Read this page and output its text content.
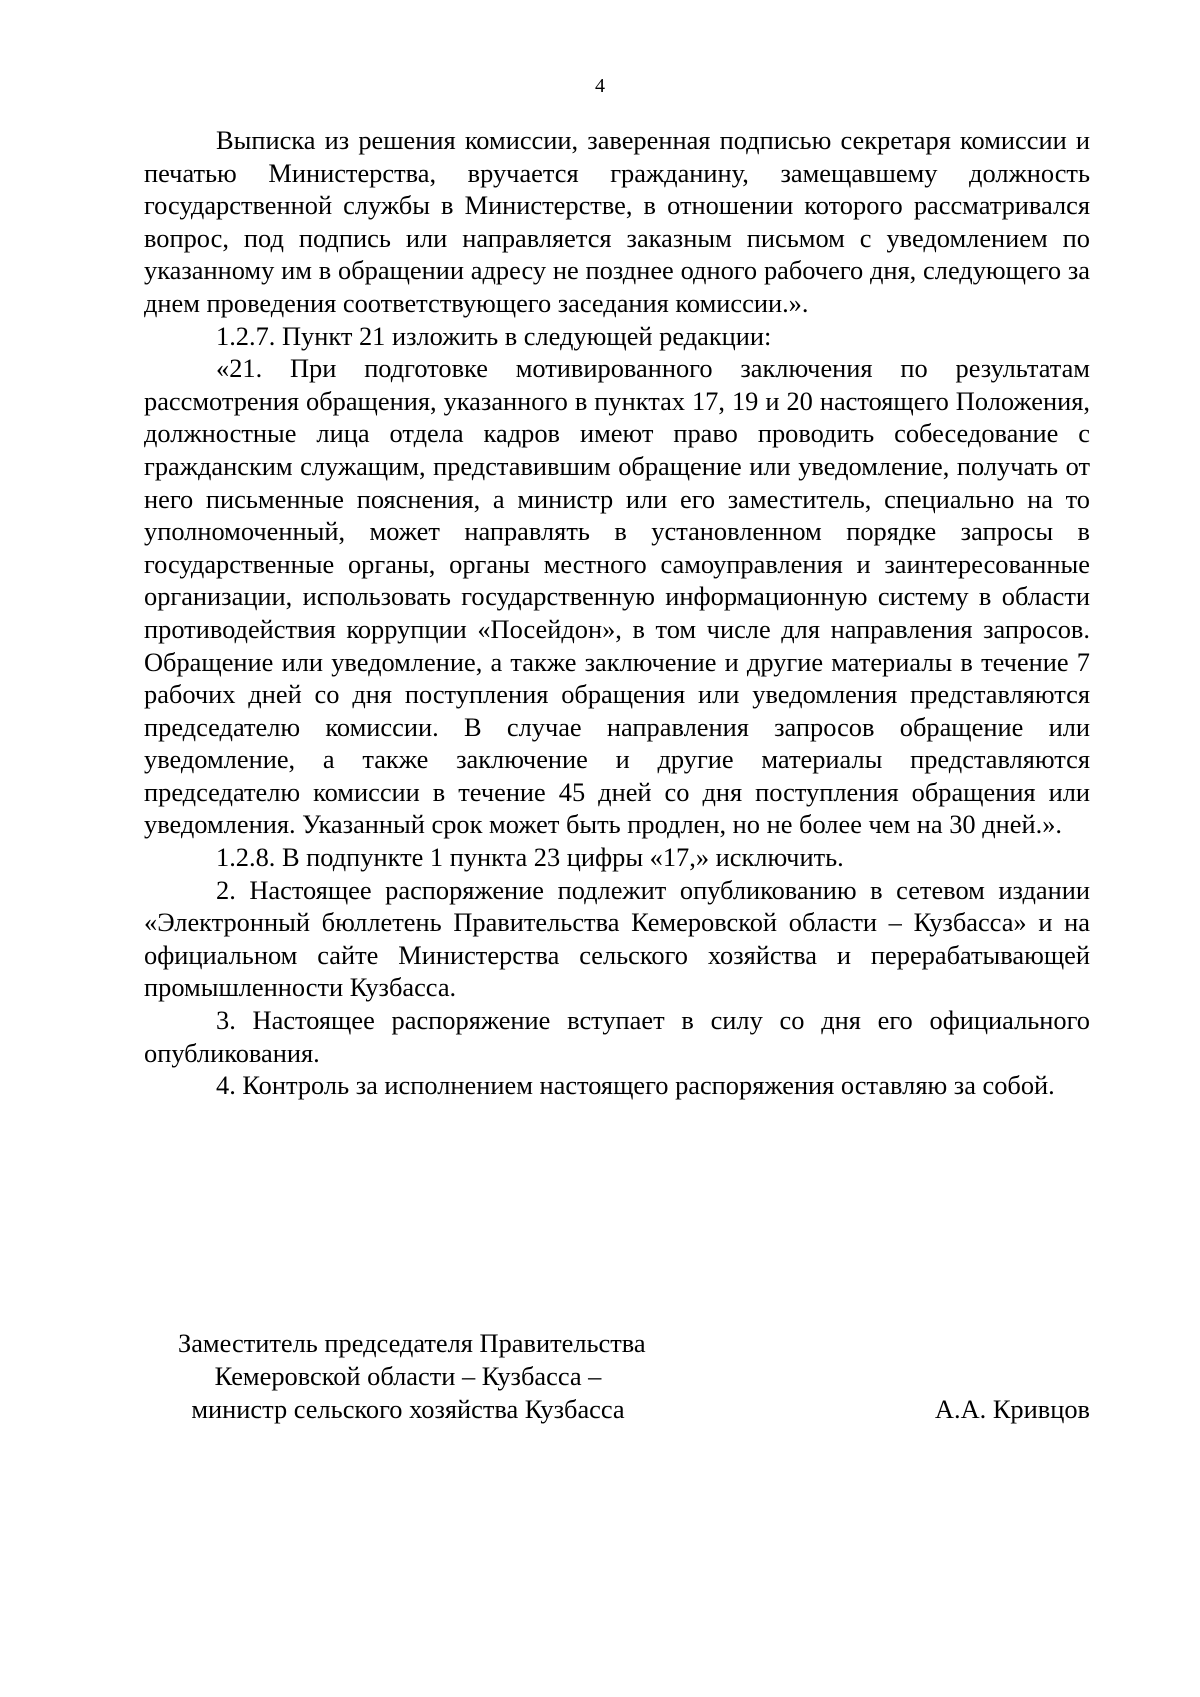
4

Выписка из решения комиссии, заверенная подписью секретаря комиссии и печатью Министерства, вручается гражданину, замещавшему должность государственной службы в Министерстве, в отношении которого рассматривался вопрос, под подпись или направляется заказным письмом с уведомлением по указанному им в обращении адресу не позднее одного рабочего дня, следующего за днем проведения соответствующего заседания комиссии.».

1.2.7. Пункт 21 изложить в следующей редакции:

«21. При подготовке мотивированного заключения по результатам рассмотрения обращения, указанного в пунктах 17, 19 и 20 настоящего Положения, должностные лица отдела кадров имеют право проводить собеседование с гражданским служащим, представившим обращение или уведомление, получать от него письменные пояснения, а министр или его заместитель, специально на то уполномоченный, может направлять в установленном порядке запросы в государственные органы, органы местного самоуправления и заинтересованные организации, использовать государственную информационную систему в области противодействия коррупции «Посейдон», в том числе для направления запросов. Обращение или уведомление, а также заключение и другие материалы в течение 7 рабочих дней со дня поступления обращения или уведомления представляются председателю комиссии. В случае направления запросов обращение или уведомление, а также заключение и другие материалы представляются председателю комиссии в течение 45 дней со дня поступления обращения или уведомления. Указанный срок может быть продлен, но не более чем на 30 дней.».

1.2.8. В подпункте 1 пункта 23 цифры «17,» исключить.

2. Настоящее распоряжение подлежит опубликованию в сетевом издании «Электронный бюллетень Правительства Кемеровской области – Кузбасса» и на официальном сайте Министерства сельского хозяйства и перерабатывающей промышленности Кузбасса.

3. Настоящее распоряжение вступает в силу со дня его официального опубликования.

4. Контроль за исполнением настоящего распоряжения оставляю за собой.

Заместитель председателя Правительства
Кемеровской области – Кузбасса –
министр сельского хозяйства Кузбасса	А.А. Кривцов
